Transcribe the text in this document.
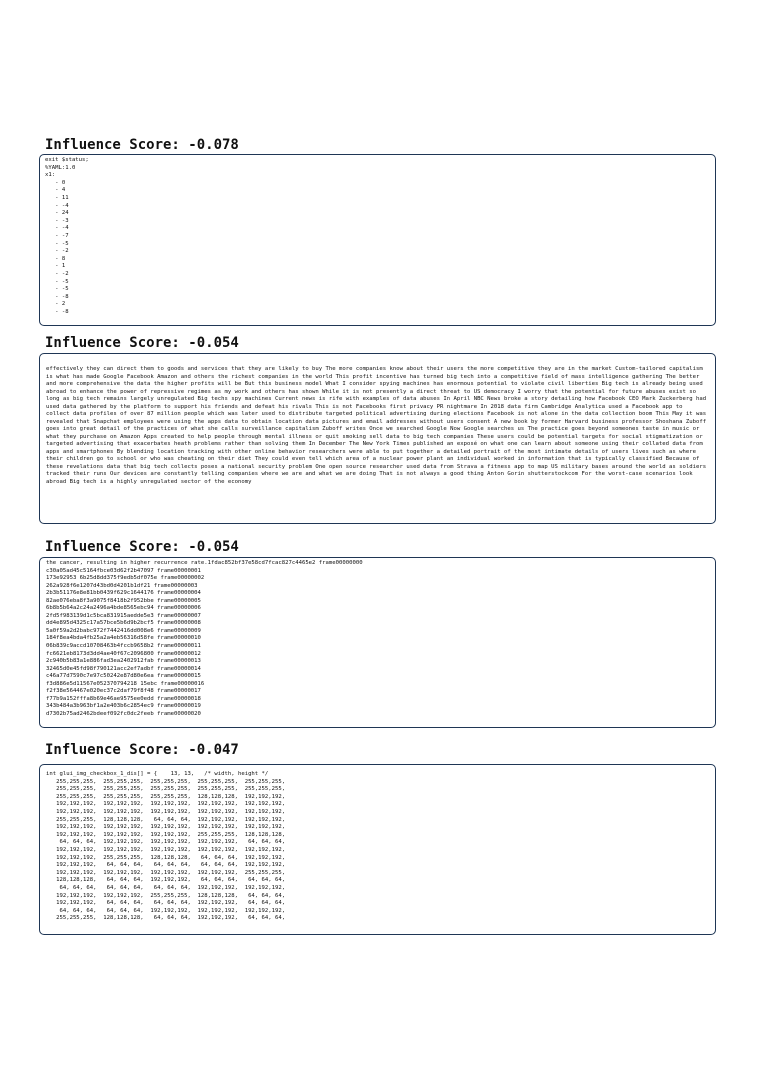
Influence Score: -0.078
exit $status;
%YAML:1.0
x1:
- 0
- 4
- 11
- -4
- 24
- -3
- -4
- -7
- -5
- -2
- 8
- 1
- -2
- -5
- -5
- -8
- 2
- -8
Influence Score: -0.054

effectively they can direct them to goods and services that they are likely to buy The more companies know about their users the more competitive they are in the market Custom-tailored capitalism is what has made Google Facebook Amazon and others the richest companies in the world This profit incentive has turned big tech into a competitive field of mass intelligence gathering The better and more comprehensive the data the higher profits will be But this business model What I consider spying machines has enormous potential to violate civil liberties Big tech is already being used abroad to enhance the power of repressive regimes as my work and others has shown While it is not presently a direct threat to US democracy I worry that the potential for future abuses exist so long as big tech remains largely unregulated Big techs spy machines Current news is rife with examples of data abuses In April NBC News broke a story detailing how Facebook CEO Mark Zuckerberg had used data gathered by the platform to support his friends and defeat his rivals This is not Facebooks first privacy PR nightmare In 2018 data firm Cambridge Analytica used a Facebook app to collect data profiles of over 87 million people which was later used to distribute targeted political advertising during elections Facebook is not alone in the data collection boom This May it was revealed that Snapchat employees were using the apps data to obtain location data pictures and email addresses without users consent A new book by former Harvard business professor Shoshana Zuboff goes into great detail of the practices of what she calls surveillance capitalism Zuboff writes Once we searched Google Now Google searches us The practice goes beyond someones taste in music or what they purchase on Amazon Apps created to help people through mental illness or quit smoking sell data to big tech companies These users could be potential targets for social stigmatization or targeted advertising that exacerbates heath problems rather than solving them In December The New York Times published an exposé on what one can learn about someone using their collated data from apps and smartphones By blending location tracking with other online behavior researchers were able to put together a detailed portrait of the most intimate details of users lives such as where their children go to school or who was cheating on their diet They could even tell which area of a nuclear power plant an individual worked in information that is typically classified Because of these revelations data that big tech collects poses a national security problem One open source researcher used data from Strava a fitness app to map US military bases around the world as soldiers tracked their runs Our devices are constantly telling companies where we are and what we are doing That is not always a good thing Anton Gorin shutterstockcom For the worst-case scenarios look abroad Big tech is a highly unregulated sector of the economy

Influence Score: -0.054
the cancer, resulting in higher recurrence rate.1fdac852bf37e58cd7fcac827c4465e2 frame00000000
c30a05ad45c5164fbce03d62f2b47097 frame00000001
173e92953 6b25d8dd375f9edb5df075e frame00000002
262a928f6e1207d43bd0d4201b1df21 frame00000003
2b3b51176e8e81bb0439f629c1644176 frame00000004
82ae076eba8f3a9075f8418b2f952bbe frame00000005
6b8b5b64a2c24a2496a4bde8565ebc94 frame00000006
2fd5f983139d1c5bca831915aedde5e3 frame00000007
dd4e895d4325c17a57bce5b6d9b2bcf5 frame00000008
5a0f59a2d2babc972f7442416dd008e6 frame00000009
184f8ea4bda4fb25a2a4eb56316d58fe frame00000010
06b839c9accd10708463b4fccb9658b2 frame00000011
fc6621eb8173d3dd4ae40f67c2096800 frame00000012
2c940b5b83a1e886fad3ea2402912fab frame00000013
32465d0e45fd98f790121acc2ef7adbf frame00000014
c46a77d7590c7e97c50242e87d80e6ea frame00000015
f3d886e5d11567e052370794218 15ebc frame00000016
f2f38e564467e020ec37c2daf79f8f48 frame00000017
f77b9a152fffa8b69e46ae9575ee0edd frame00000018
343b484a3b963bf1a2e403b6c2854ec9 frame00000019
d7302b75ad2462bdeef092fc0dc2feeb frame00000020
Influence Score: -0.047
int glui_img_checkbox_1_dis[] = {    13, 13,   /* width, height */
255,255,255,  255,255,255,  255,255,255,  255,255,255,  255,255,255,
255,255,255,  255,255,255,  255,255,255,  255,255,255,  255,255,255,
255,255,255,  255,255,255,  255,255,255,  128,128,128,  192,192,192,
192,192,192,  192,192,192,  192,192,192,  192,192,192,  192,192,192,
192,192,192,  192,192,192,  192,192,192,  192,192,192,  192,192,192,
255,255,255,  128,128,128,   64, 64, 64,  192,192,192,  192,192,192,
192,192,192,  192,192,192,  192,192,192,  192,192,192,  192,192,192,
192,192,192,  192,192,192,  192,192,192,  255,255,255,  128,128,128,
64, 64, 64,  192,192,192,  192,192,192,  192,192,192,   64, 64, 64,
192,192,192,  192,192,192,  192,192,192,  192,192,192,  192,192,192,
192,192,192,  255,255,255,  128,128,128,   64, 64, 64,  192,192,192,
192,192,192,   64, 64, 64,   64, 64, 64,   64, 64, 64,  192,192,192,
192,192,192,  192,192,192,  192,192,192,  192,192,192,  255,255,255,
128,128,128,   64, 64, 64,  192,192,192,   64, 64, 64,   64, 64, 64,
64, 64, 64,   64, 64, 64,   64, 64, 64,  192,192,192,  192,192,192,
192,192,192,  192,192,192,  255,255,255,  128,128,128,   64, 64, 64,
192,192,192,   64, 64, 64,   64, 64, 64,  192,192,192,   64, 64, 64,
64, 64, 64,   64, 64, 64,  192,192,192,  192,192,192,  192,192,192,
255,255,255,  128,128,128,   64, 64, 64,  192,192,192,   64, 64, 64,
